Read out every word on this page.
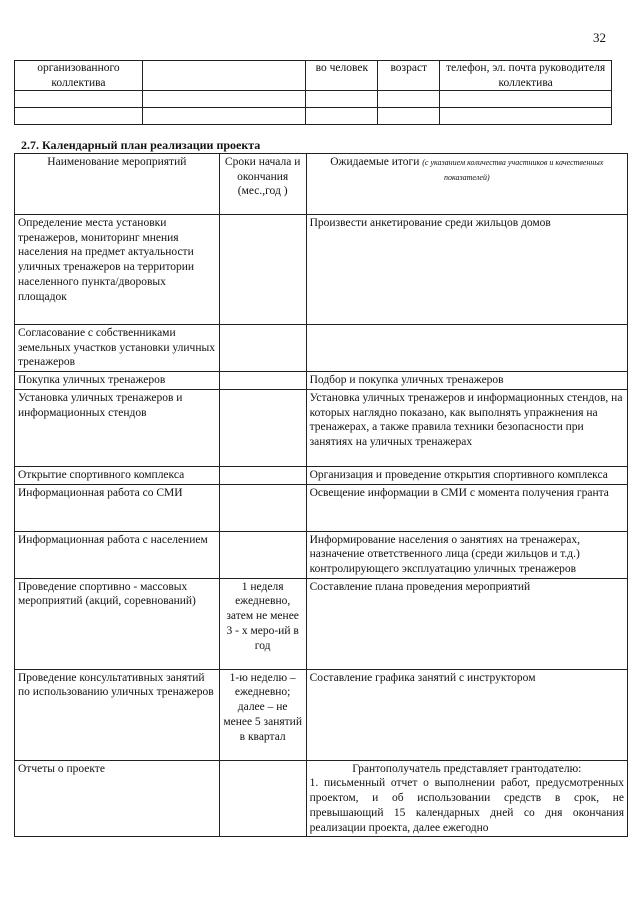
32
организованного коллектива		во человек	возраст	телефон, эл. почта руководителя коллектива

2.7. Календарный план реализации проекта
Наименование мероприятий	Сроки начала и окончания (мес.,год )	Ожидаемые итоги (с указанием количества участников и качественных показателей)
Определение места установки тренажеров, мониторинг мнения населения на предмет актуальности уличных тренажеров на территории населенного пункта/дворовых площадок		Произвести анкетирование среди жильцов домов
Согласование с собственниками земельных участков установки уличных тренажеров		
Покупка уличных тренажеров		Подбор и покупка уличных тренажеров
Установка уличных тренажеров и информационных стендов		Установка уличных тренажеров и информационных стендов, на которых наглядно показано, как выполнять упражнения на тренажерах, а также правила техники безопасности при занятиях на уличных тренажерах
Открытие спортивного комплекса		Организация и проведение открытия спортивного комплекса
Информационная работа со СМИ		Освещение информации в СМИ с момента получения гранта
Информационная работа с населением		Информирование населения о занятиях на тренажерах, назначение ответственного лица (среди жильцов и т.д.) контролирующего эксплуатацию уличных тренажеров
Проведение спортивно - массовых мероприятий (акций, соревнований)	1 неделя ежедневно, затем не менее 3 - х меро-ий в год	Составление плана проведения мероприятий
Проведение консультативных занятий по использованию уличных тренажеров	1-ю неделю – ежедневно; далее – не менее 5 занятий в квартал	Составление графика занятий с инструктором
Отчеты о проекте		Грантополучатель представляет грантодателю:
1. письменный отчет о выполнении работ, предусмотренных проектом, и об использовании средств в срок, не превышающий 15 календарных дней со дня окончания реализации проекта, далее ежегодно
